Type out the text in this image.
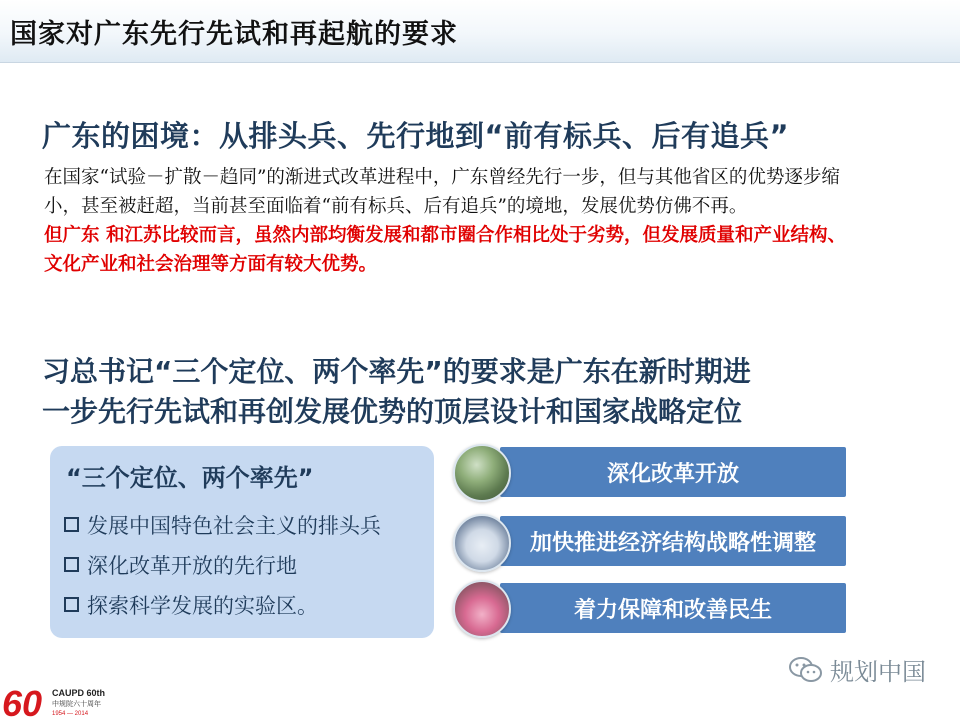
国家对广东先行先试和再起航的要求
广东的困境：从排头兵、先行地到“前有标兵、后有追兵”
在国家“试验－扩散－趋同”的渐进式改革进程中，广东曾经先行一步，但与其他省区的优势逐步缩小，甚至被赶超，当前甚至面临着“前有标兵、后有追兵”的境地，发展优势仿佛不再。
但广东 和江苏比较而言，虽然内部均衡发展和都市圈合作相比处于劣势，但发展质量和产业结构、文化产业和社会治理等方面有较大优势。
习总书记“三个定位、两个率先”的要求是广东在新时期进
一步先行先试和再创发展优势的顶层设计和国家战略定位
“三个定位、两个率先”
发展中国特色社会主义的排头兵
深化改革开放的先行地
探索科学发展的实验区。
深化改革开放
加快推进经济结构战略性调整
着力保障和改善民生
规划中国
60 CAUPD 60th
中规院六十周年
1954 — 2014
